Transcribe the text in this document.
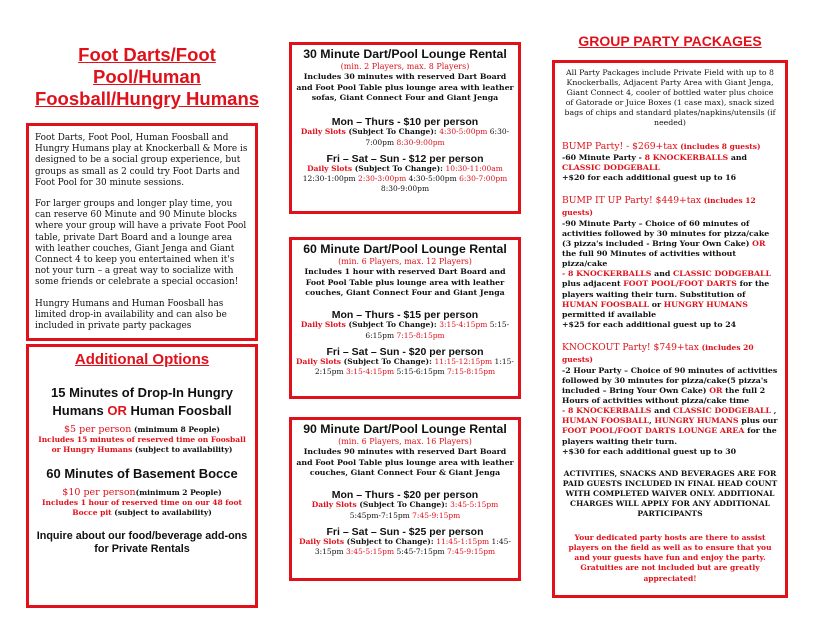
Foot Darts/Foot Pool/Human Foosball/Hungry Humans

Foot Darts, Foot Pool, Human Foosball and Hungry Humans play at Knockerball & More is designed to be a social group experience, but groups as small as 2 could try Foot Darts and Foot Pool for 30 minute sessions.

For larger groups and longer play time, you can reserve 60 Minute and 90 Minute blocks where your group will have a private Foot Pool table, private Dart Board and a lounge area with leather couches, Giant Jenga and Giant Connect 4 to keep you entertained when it's not your turn – a great way to socialize with some friends or celebrate a special occasion!

Hungry Humans and Human Foosball has limited drop-in availability and can also be included in private party packages

Additional Options
15 Minutes of Drop-In Hungry Humans OR Human Foosball
$5 per person (minimum 8 People)
Includes 15 minutes of reserved time on Foosball or Hungry Humans (subject to availability)
60 Minutes of Basement Bocce
$10 per person(minimum 2 People)
Includes 1 hour of reserved time on our 48 foot Bocce pit (subject to availability)
Inquire about our food/beverage add-ons for Private Rentals
30 Minute Dart/Pool Lounge Rental
(min. 2 Players, max. 8 Players)
Includes 30 minutes with reserved Dart Board and Foot Pool Table plus lounge area with leather sofas, Giant Connect Four and Giant Jenga
Mon – Thurs - $10 per person
Daily Slots (Subject To Change): 4:30-5:00pm 6:30-7:00pm 8:30-9:00pm
Fri – Sat – Sun - $12 per person
Daily Slots (Subject To Change): 10:30-11:00am 12:30-1:00pm 2:30-3:00pm 4:30-5:00pm 6:30-7:00pm 8:30-9:00pm
60 Minute Dart/Pool Lounge Rental
(min. 6 Players, max. 12 Players)
Includes 1 hour with reserved Dart Board and Foot Pool Table plus lounge area with leather couches, Giant Connect Four and Giant Jenga
Mon – Thurs - $15 per person
Daily Slots (Subject To Change): 3:15-4:15pm 5:15-6:15pm 7:15-8:15pm
Fri – Sat – Sun - $20 per person
Daily Slots (Subject To Change): 11:15-12:15pm 1:15-2:15pm 3:15-4:15pm 5:15-6:15pm 7:15-8:15pm
90 Minute Dart/Pool Lounge Rental
(min. 6 Players, max. 16 Players)
Includes 90 minutes with reserved Dart Board and Foot Pool Table plus lounge area with leather couches, Giant Connect Four & Giant Jenga
Mon – Thurs - $20 per person
Daily Slots (Subject To Change): 3:45-5:15pm 5:45pm-7:15pm 7:45-9:15pm
Fri – Sat – Sun - $25 per person
Daily Slots (Subject to Change): 11:45-1:15pm 1:45-3:15pm 3:45-5:15pm 5:45-7:15pm 7:45-9:15pm
GROUP PARTY PACKAGES
All Party Packages include Private Field with up to 8 Knockerballs, Adjacent Party Area with Giant Jenga, Giant Connect 4, cooler of bottled water plus choice of Gatorade or Juice Boxes (1 case max), snack sized bags of chips and standard plates/napkins/utensils (if needed)
BUMP Party! - $269+tax (includes 8 guests)
-60 Minute Party - 8 KNOCKERBALLS and CLASSIC DODGEBALL
+$20 for each additional guest up to 16
BUMP IT UP Party! $449+tax (includes 12 guests)
-90 Minute Party – Choice of 60 minutes of activities followed by 30 minutes for pizza/cake (3 pizza's included - Bring Your Own Cake) OR the full 90 Minutes of activities without pizza/cake
- 8 KNOCKERBALLS and CLASSIC DODGEBALL plus adjacent FOOT POOL/FOOT DARTS for the players waiting their turn. Substitution of HUMAN FOOSBALL or HUNGRY HUMANS permitted if available
+$25 for each additional guest up to 24
KNOCKOUT Party! $749+tax (includes 20 guests)
-2 Hour Party – Choice of 90 minutes of activities followed by 30 minutes for pizza/cake(5 pizza's included – Bring Your Own Cake) OR the full 2 Hours of activities without pizza/cake time
- 8 KNOCKERBALLS and CLASSIC DODGEBALL , HUMAN FOOSBALL, HUNGRY HUMANS plus our FOOT POOL/FOOT DARTS LOUNGE AREA for the players waiting their turn.
+$30 for each additional guest up to 30
ACTIVITIES, SNACKS AND BEVERAGES ARE FOR PAID GUESTS INCLUDED IN FINAL HEAD COUNT WITH COMPLETED WAIVER ONLY. ADDITIONAL CHARGES WILL APPLY FOR ANY ADDITIONAL PARTICIPANTS
Your dedicated party hosts are there to assist players on the field as well as to ensure that you and your guests have fun and enjoy the party. Gratuities are not included but are greatly appreciated!
